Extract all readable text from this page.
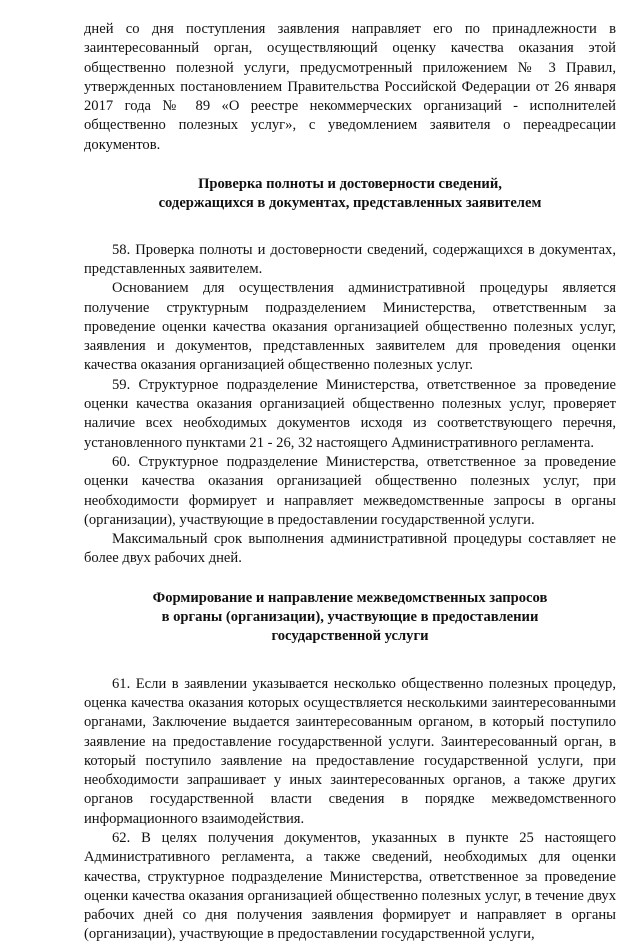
дней со дня поступления заявления направляет его по принадлежности в заинтересованный орган, осуществляющий оценку качества оказания этой общественно полезной услуги, предусмотренный приложением № 3 Правил, утвержденных постановлением Правительства Российской Федерации от 26 января 2017 года № 89 «О реестре некоммерческих организаций - исполнителей общественно полезных услуг», с уведомлением заявителя о переадресации документов.

Проверка полноты и достоверности сведений,
содержащихся в документах, представленных заявителем

58. Проверка полноты и достоверности сведений, содержащихся в документах, представленных заявителем.

Основанием для осуществления административной процедуры является получение структурным подразделением Министерства, ответственным за проведение оценки качества оказания организацией общественно полезных услуг, заявления и документов, представленных заявителем для проведения оценки качества оказания организацией общественно полезных услуг.

59. Структурное подразделение Министерства, ответственное за проведение оценки качества оказания организацией общественно полезных услуг, проверяет наличие всех необходимых документов исходя из соответствующего перечня, установленного пунктами 21 - 26, 32 настоящего Административного регламента.

60. Структурное подразделение Министерства, ответственное за проведение оценки качества оказания организацией общественно полезных услуг, при необходимости формирует и направляет межведомственные запросы в органы (организации), участвующие в предоставлении государственной услуги.

Максимальный срок выполнения административной процедуры составляет не более двух рабочих дней.

Формирование и направление межведомственных запросов
в органы (организации), участвующие в предоставлении
государственной услуги

61. Если в заявлении указывается несколько общественно полезных процедур, оценка качества оказания которых осуществляется несколькими заинтересованными органами, Заключение выдается заинтересованным органом, в который поступило заявление на предоставление государственной услуги. Заинтересованный орган, в который поступило заявление на предоставление государственной услуги, при необходимости запрашивает у иных заинтересованных органов, а также других органов государственной власти сведения в порядке межведомственного информационного взаимодействия.

62. В целях получения документов, указанных в пункте 25 настоящего Административного регламента, а также сведений, необходимых для оценки качества, структурное подразделение Министерства, ответственное за проведение оценки качества оказания организацией общественно полезных услуг, в течение двух рабочих дней со дня получения заявления формирует и направляет в органы (организации), участвующие в предоставлении государственной услуги,
